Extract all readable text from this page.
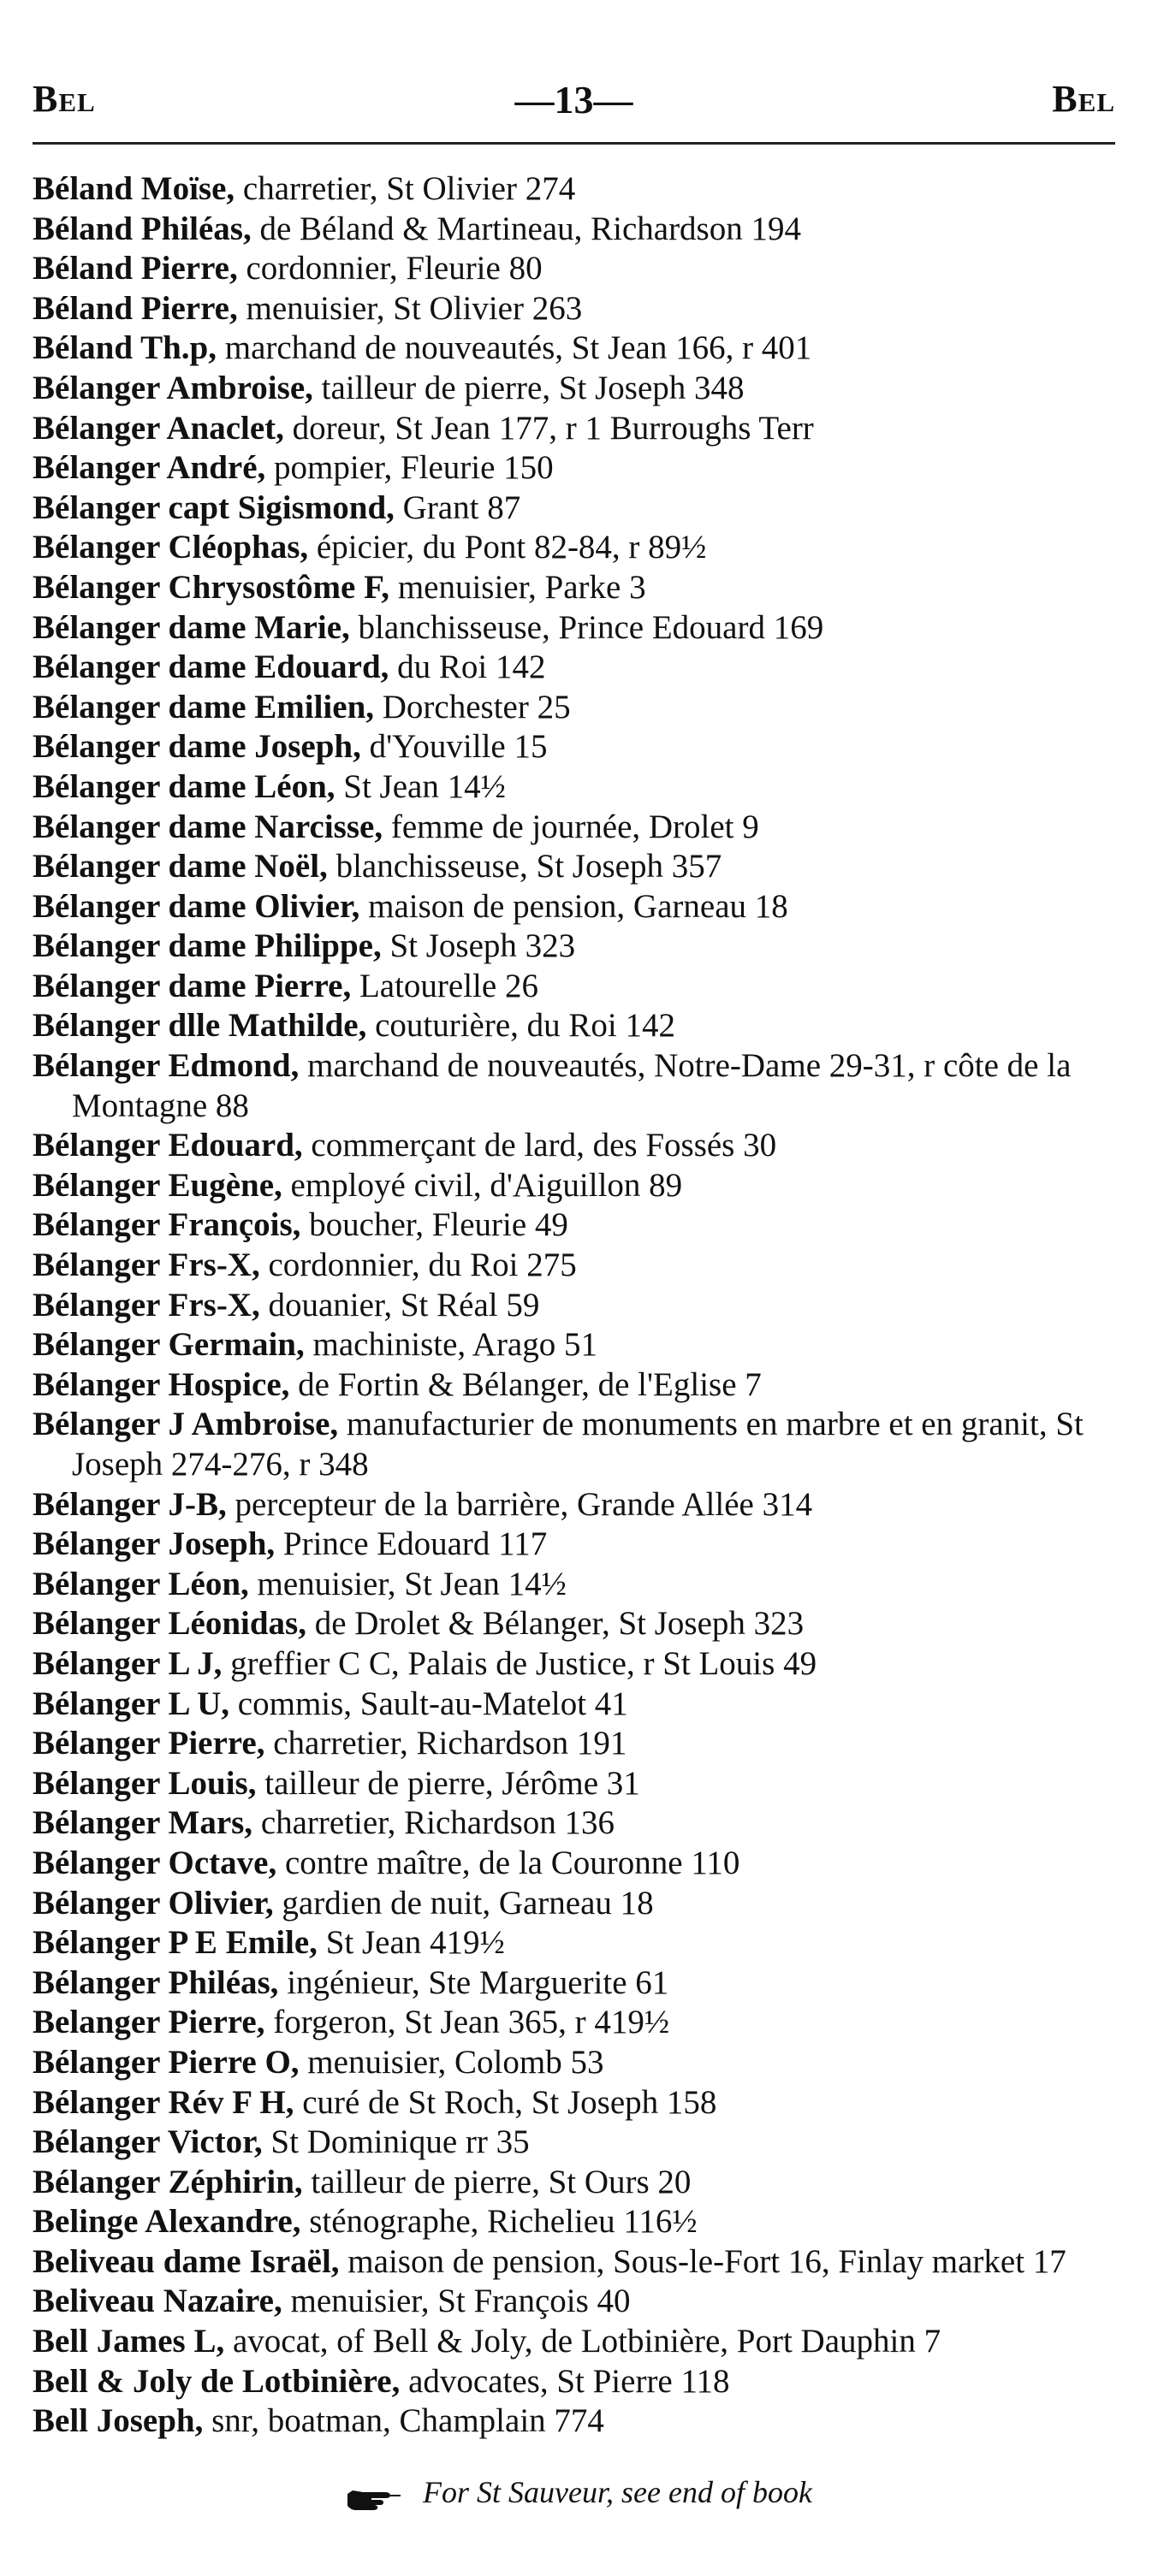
Bel	—13—	Bel
Béland Moïse, charretier, St Olivier 274
Béland Philéas, de Béland & Martineau, Richardson 194
Béland Pierre, cordonnier, Fleurie 80
Béland Pierre, menuisier, St Olivier 263
Béland Th.p, marchand de nouveautés, St Jean 166, r 401
Bélanger Ambroise, tailleur de pierre, St Joseph 348
Bélanger Anaclet, doreur, St Jean 177, r 1 Burroughs Terr
Bélanger André, pompier, Fleurie 150
Bélanger capt Sigismond, Grant 87
Bélanger Cléophas, épicier, du Pont 82-84, r 89½
Bélanger Chrysostôme F, menuisier, Parke 3
Bélanger dame Marie, blanchisseuse, Prince Edouard 169
Bélanger dame Edouard, du Roi 142
Bélanger dame Emilien, Dorchester 25
Bélanger dame Joseph, d'Youville 15
Bélanger dame Léon, St Jean 14½
Bélanger dame Narcisse, femme de journée, Drolet 9
Bélanger dame Noël, blanchisseuse, St Joseph 357
Bélanger dame Olivier, maison de pension, Garneau 18
Bélanger dame Philippe, St Joseph 323
Bélanger dame Pierre, Latourelle 26
Bélanger dlle Mathilde, couturière, du Roi 142
Bélanger Edmond, marchand de nouveautés, Notre-Dame 29-31, r côte de la Montagne 88
Bélanger Edouard, commerçant de lard, des Fossés 30
Bélanger Eugène, employé civil, d'Aiguillon 89
Bélanger François, boucher, Fleurie 49
Bélanger Frs-X, cordonnier, du Roi 275
Bélanger Frs-X, douanier, St Réal 59
Bélanger Germain, machiniste, Arago 51
Bélanger Hospice, de Fortin & Bélanger, de l'Eglise 7
Bélanger J Ambroise, manufacturier de monuments en marbre et en granit, St Joseph 274-276, r 348
Bélanger J-B, percepteur de la barrière, Grande Allée 314
Bélanger Joseph, Prince Edouard 117
Bélanger Léon, menuisier, St Jean 14½
Bélanger Léonidas, de Drolet & Bélanger, St Joseph 323
Bélanger L J, greffier C C, Palais de Justice, r St Louis 49
Bélanger L U, commis, Sault-au-Matelot 41
Bélanger Pierre, charretier, Richardson 191
Bélanger Louis, tailleur de pierre, Jérôme 31
Bélanger Mars, charretier, Richardson 136
Bélanger Octave, contre maître, de la Couronne 110
Bélanger Olivier, gardien de nuit, Garneau 18
Bélanger P E Emile, St Jean 419½
Bélanger Philéas, ingénieur, Ste Marguerite 61
Belanger Pierre, forgeron, St Jean 365, r 419½
Bélanger Pierre O, menuisier, Colomb 53
Bélanger Rév F H, curé de St Roch, St Joseph 158
Bélanger Victor, St Dominique rr 35
Bélanger Zéphirin, tailleur de pierre, St Ours 20
Belinge Alexandre, sténographe, Richelieu 116½
Beliveau dame Israël, maison de pension, Sous-le-Fort 16, Finlay market 17
Beliveau Nazaire, menuisier, St François 40
Bell James L, avocat, of Bell & Joly, de Lotbinière, Port Dauphin 7
Bell & Joly de Lotbinière, advocates, St Pierre 118
Bell Joseph, snr, boatman, Champlain 774
For St Sauveur, see end of book
